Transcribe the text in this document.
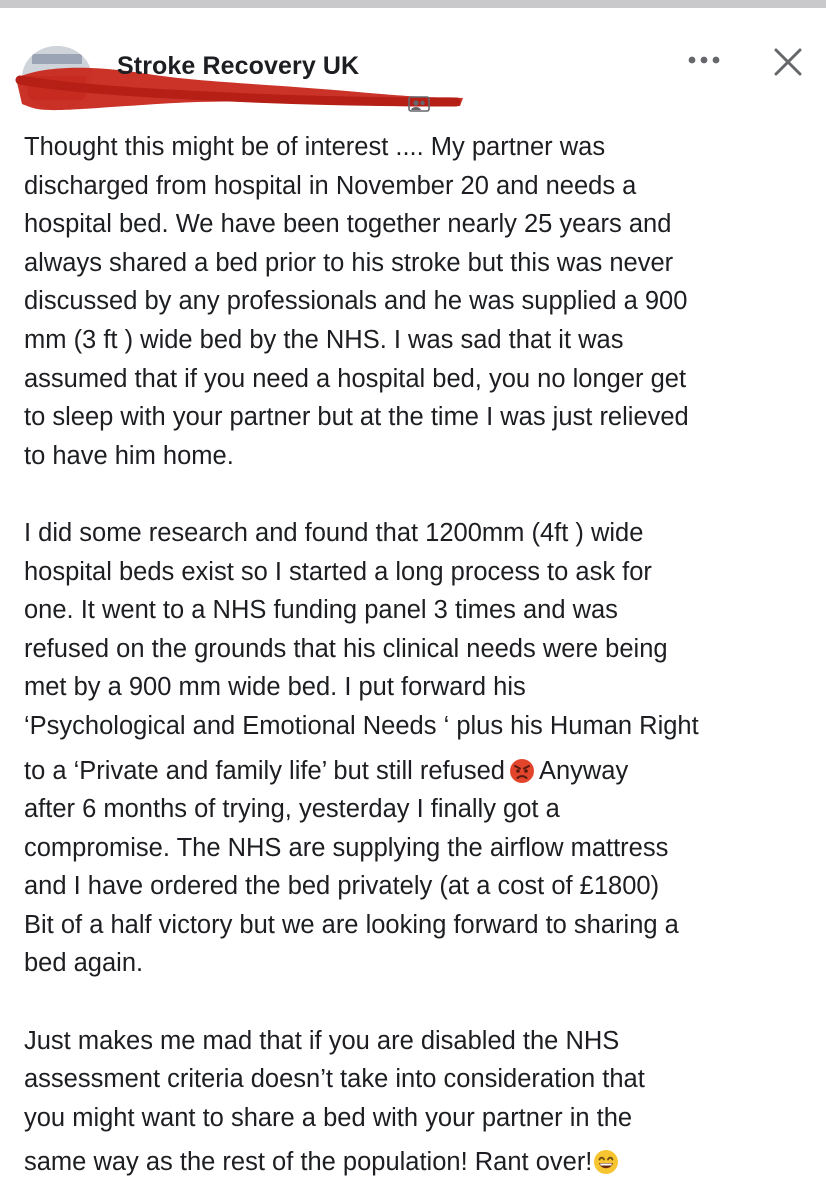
Stroke Recovery UK

Thought this might be of interest .... My partner was
discharged from hospital in November 20 and needs a
hospital bed. We have been together nearly 25 years and
always shared a bed prior to his stroke but this was never
discussed by any professionals and he was supplied a 900
mm (3 ft ) wide bed by the NHS. I was sad that it was
assumed that if you need a hospital bed, you no longer get
to sleep with your partner but at the time I was just relieved
to have him home.

I did some research and found that 1200mm (4ft ) wide
hospital beds exist so I started a long process to ask for
one. It went to a NHS funding panel 3 times and was
refused on the grounds that his clinical needs were being
met by a 900 mm wide bed. I put forward his
‘Psychological and Emotional Needs ‘ plus his Human Right
to a ‘Private and family life’ but still refused Anyway
after 6 months of trying, yesterday I finally got a
compromise. The NHS are supplying the airflow mattress
and I have ordered the bed privately (at a cost of £1800)
Bit of a half victory but we are looking forward to sharing a
bed again.

Just makes me mad that if you are disabled the NHS
assessment criteria doesn’t take into consideration that
you might want to share a bed with your partner in the
same way as the rest of the population! Rant over!
